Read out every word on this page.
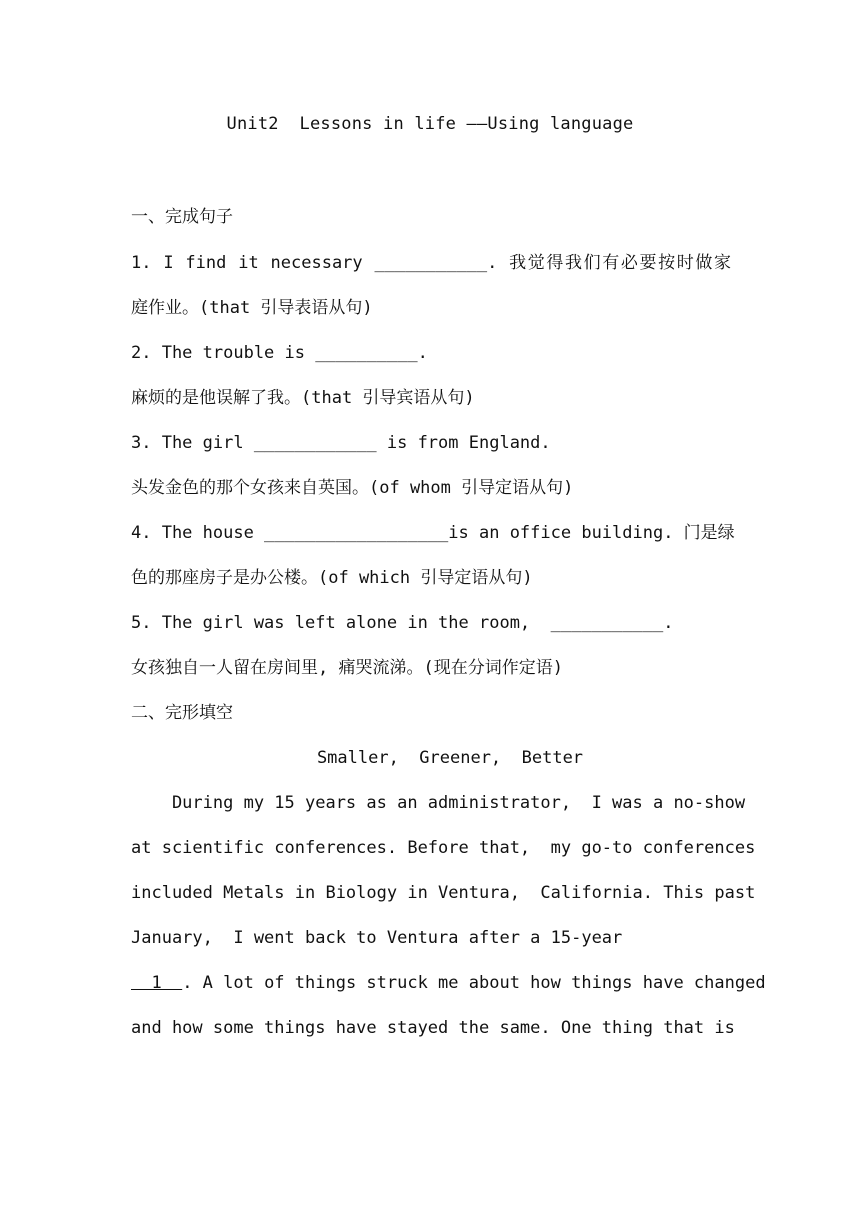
Unit2  Lessons in life ——Using language
一、完成句子
1. I find it necessary ___________. 我觉得我们有必要按时做家
庭作业。(that 引导表语从句)
2. The trouble is __________.
麻烦的是他误解了我。(that 引导宾语从句)
3. The girl ____________ is from England.
头发金色的那个女孩来自英国。(of whom 引导定语从句)
4. The house __________________is an office building. 门是绿
色的那座房子是办公楼。(of which 引导定语从句)
5. The girl was left alone in the room,  ___________.
女孩独自一人留在房间里, 痛哭流涕。(现在分词作定语)
二、完形填空
Smaller,  Greener,  Better
During my 15 years as an administrator,  I was a no-show
at scientific conferences. Before that,  my go-to conferences
included Metals in Biology in Ventura,  California. This past
January,  I went back to Ventura after a 15-year
1  . A lot of things struck me about how things have changed
and how some things have stayed the same. One thing that is
